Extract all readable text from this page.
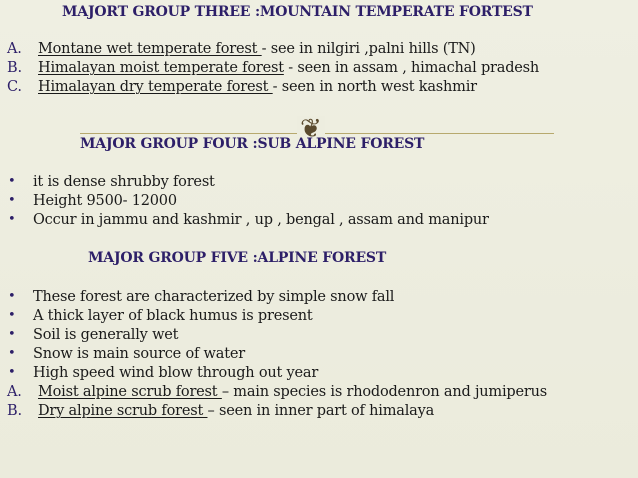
MAJORT GROUP THREE :MOUNTAIN TEMPERATE FORTEST
A. Montane wet temperate forest - see in nilgiri ,palni hills (TN)
B. Himalayan moist temperate forest - seen in assam , himachal pradesh
C. Himalayan dry temperate forest - seen in north west kashmir
❦
MAJOR GROUP FOUR :SUB ALPINE FOREST
• it is dense shrubby forest
• Height 9500- 12000
• Occur in jammu and kashmir , up , bengal , assam and manipur
MAJOR GROUP FIVE :ALPINE FOREST
• These forest are characterized by simple snow fall
• A thick layer of black humus is present
• Soil is generally wet
• Snow is main source of water
• High speed wind blow through out year
A. Moist alpine scrub forest – main species is rhododenron and jumiperus
B. Dry alpine scrub forest – seen in inner part of himalaya
